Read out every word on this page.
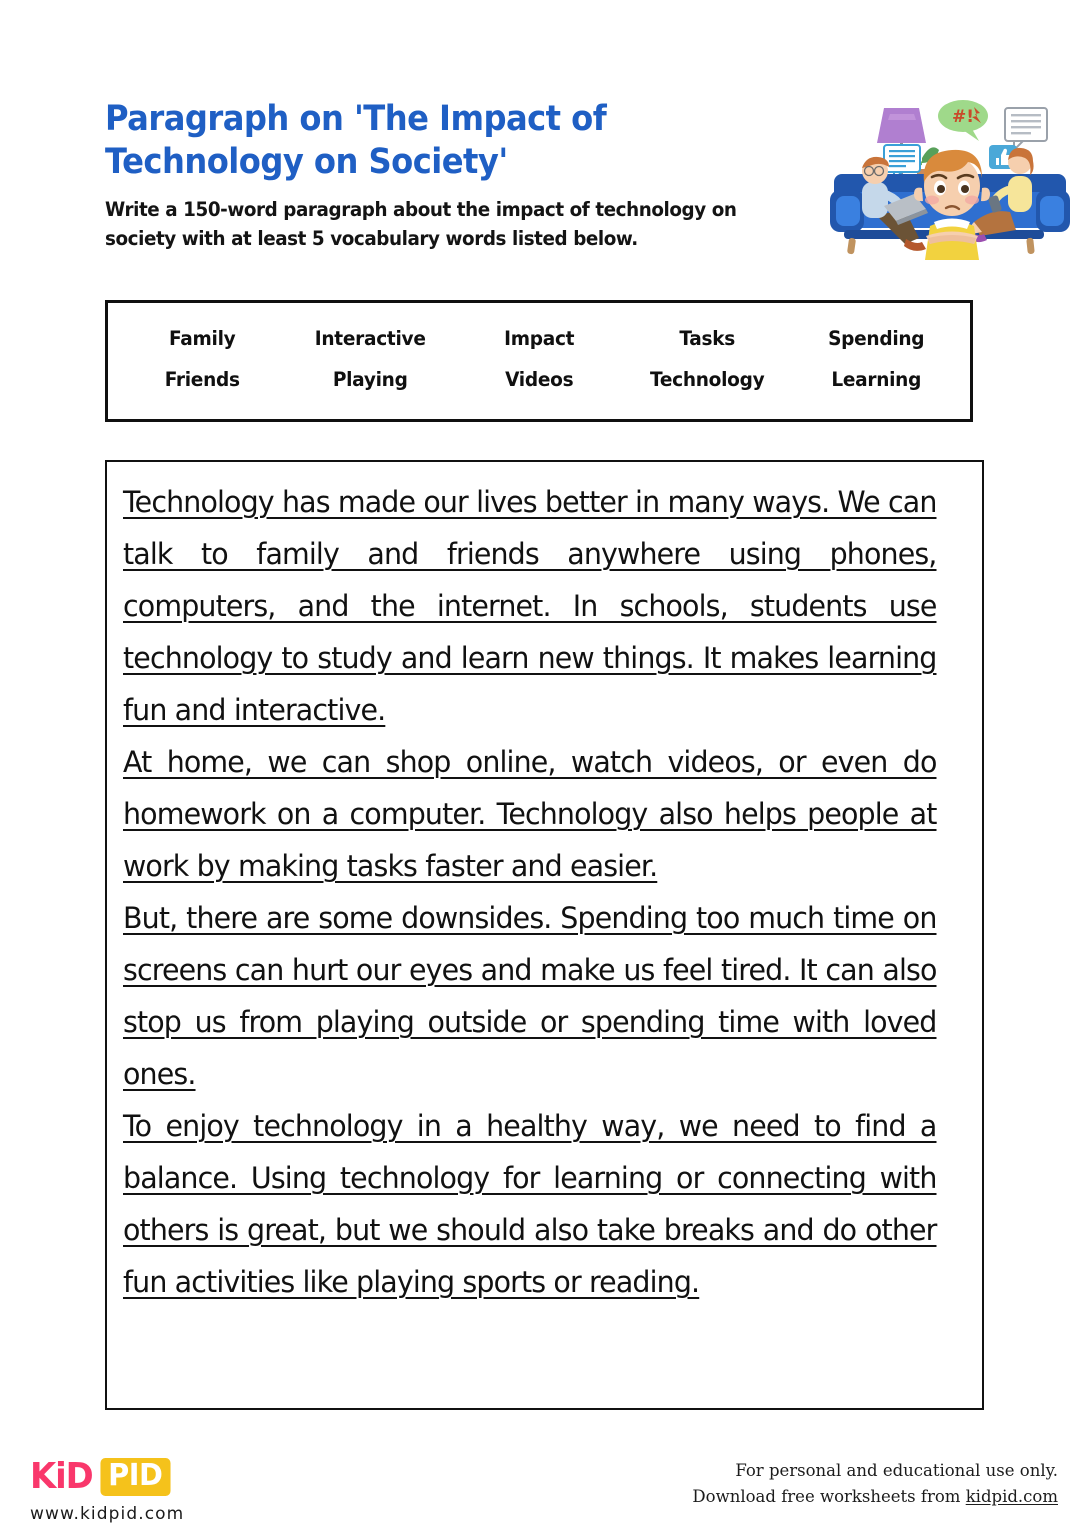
Paragraph on 'The Impact of Technology on Society'
Write a 150-word paragraph about the impact of technology on society with at least 5 vocabulary words listed below.
#!
Family	Interactive	Impact	Tasks	Spending
Friends	Playing	Videos	Technology	Learning
Technology has made our lives better in many ways. We can talk to family and friends anywhere using phones, computers, and the internet. In schools, students use technology to study and learn new things. It makes learning fun and interactive.
At home, we can shop online, watch videos, or even do homework on a computer. Technology also helps people at work by making tasks faster and easier.
But, there are some downsides. Spending too much time on screens can hurt our eyes and make us feel tired. It can also stop us from playing outside or spending time with loved ones.
To enjoy technology in a healthy way, we need to find a balance. Using technology for learning or connecting with others is great, but we should also take breaks and do other fun activities like playing sports or reading.
KiD PID
www.kidpid.com
For personal and educational use only.
Download free worksheets from kidpid.com
